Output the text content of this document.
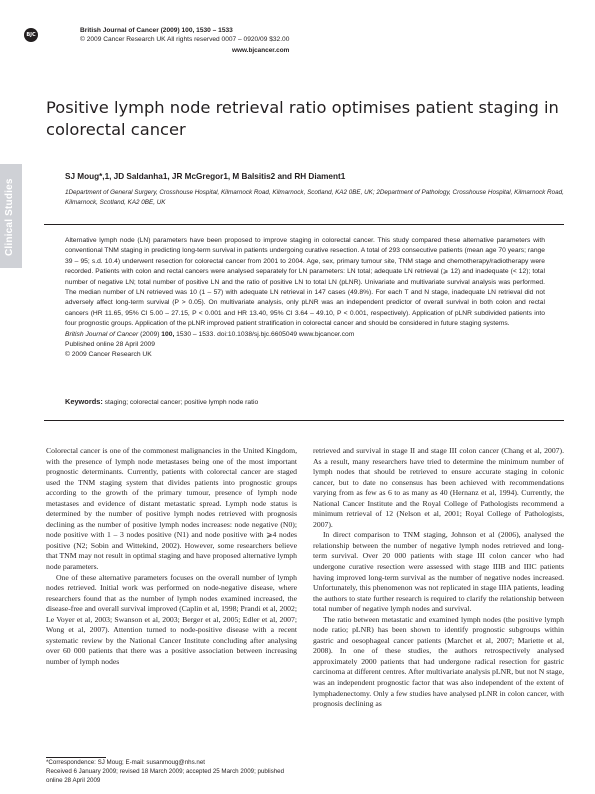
BJC
British Journal of Cancer (2009) 100, 1530 – 1533
© 2009 Cancer Research UK All rights reserved 0007 – 0920/09 $32.00
www.bjcancer.com
Clinical Studies
Positive lymph node retrieval ratio optimises patient staging in colorectal cancer
SJ Moug*,1, JD Saldanha1, JR McGregor1, M Balsitis2 and RH Diament1
1Department of General Surgery, Crosshouse Hospital, Kilmarnock Road, Kilmarnock, Scotland, KA2 0BE, UK; 2Department of Pathology, Crosshouse Hospital, Kilmarnock Road, Kilmarnock, Scotland, KA2 0BE, UK

Alternative lymph node (LN) parameters have been proposed to improve staging in colorectal cancer. This study compared these alternative parameters with conventional TNM staging in predicting long-term survival in patients undergoing curative resection. A total of 293 consecutive patients (mean age 70 years; range 39 – 95; s.d. 10.4) underwent resection for colorectal cancer from 2001 to 2004. Age, sex, primary tumour site, TNM stage and chemotherapy/radiotherapy were recorded. Patients with colon and rectal cancers were analysed separately for LN parameters: LN total; adequate LN retrieval (⩾ 12) and inadequate (< 12); total number of negative LN; total number of positive LN and the ratio of positive LN to total LN (pLNR). Univariate and multivariate survival analysis was performed. The median number of LN retrieved was 10 (1 – 57) with adequate LN retrieval in 147 cases (49.8%). For each T and N stage, inadequate LN retrieval did not adversely affect long-term survival (P > 0.05). On multivariate analysis, only pLNR was an independent predictor of overall survival in both colon and rectal cancers (HR 11.65, 95% CI 5.00 – 27.15, P < 0.001 and HR 13.40, 95% CI 3.64 – 49.10, P < 0.001, respectively). Application of pLNR subdivided patients into four prognostic groups. Application of the pLNR improved patient stratification in colorectal cancer and should be considered in future staging systems.

British Journal of Cancer (2009) 100, 1530 – 1533. doi:10.1038/sj.bjc.6605049 www.bjcancer.com

Published online 28 April 2009

© 2009 Cancer Research UK

Keywords: staging; colorectal cancer; positive lymph node ratio

Colorectal cancer is one of the commonest malignancies in the United Kingdom, with the presence of lymph node metastases being one of the most important prognostic determinants. Currently, patients with colorectal cancer are staged used the TNM staging system that divides patients into prognostic groups according to the growth of the primary tumour, presence of lymph node metastases and evidence of distant metastatic spread. Lymph node status is determined by the number of positive lymph nodes retrieved with prognosis declining as the number of positive lymph nodes increases: node negative (N0); node positive with 1 – 3 nodes positive (N1) and node positive with ⩾4 nodes positive (N2; Sobin and Wittekind, 2002). However, some researchers believe that TNM may not result in optimal staging and have proposed alternative lymph node parameters.

One of these alternative parameters focuses on the overall number of lymph nodes retrieved. Initial work was performed on node-negative disease, where researchers found that as the number of lymph nodes examined increased, the disease-free and overall survival improved (Caplin et al, 1998; Prandi et al, 2002; Le Voyer et al, 2003; Swanson et al, 2003; Berger et al, 2005; Edler et al, 2007; Wong et al, 2007). Attention turned to node-positive disease with a recent systematic review by the National Cancer Institute concluding after analysing over 60 000 patients that there was a positive association between increasing number of lymph nodes

retrieved and survival in stage II and stage III colon cancer (Chang et al, 2007). As a result, many researchers have tried to determine the minimum number of lymph nodes that should be retrieved to ensure accurate staging in colonic cancer, but to date no consensus has been achieved with recommendations varying from as few as 6 to as many as 40 (Hernanz et al, 1994). Currently, the National Cancer Institute and the Royal College of Pathologists recommend a minimum retrieval of 12 (Nelson et al, 2001; Royal College of Pathologists, 2007).

In direct comparison to TNM staging, Johnson et al (2006), analysed the relationship between the number of negative lymph nodes retrieved and long-term survival. Over 20 000 patients with stage III colon cancer who had undergone curative resection were assessed with stage IIIB and IIIC patients having improved long-term survival as the number of negative nodes increased. Unfortunately, this phenomenon was not replicated in stage IIIA patients, leading the authors to state further research is required to clarify the relationship between total number of negative lymph nodes and survival.

The ratio between metastatic and examined lymph nodes (the positive lymph node ratio; pLNR) has been shown to identify prognostic subgroups within gastric and oesophageal cancer patients (Marchet et al, 2007; Mariette et al, 2008). In one of these studies, the authors retrospectively analysed approximately 2000 patients that had undergone radical resection for gastric carcinoma at different centres. After multivariate analysis pLNR, but not N stage, was an independent prognostic factor that was also independent of the extent of lymphadenectomy. Only a few studies have analysed pLNR in colon cancer, with prognosis declining as

*Correspondence: SJ Moug; E-mail: susanmoug@nhs.net
Received 6 January 2009; revised 18 March 2009; accepted 25 March 2009; published online 28 April 2009
